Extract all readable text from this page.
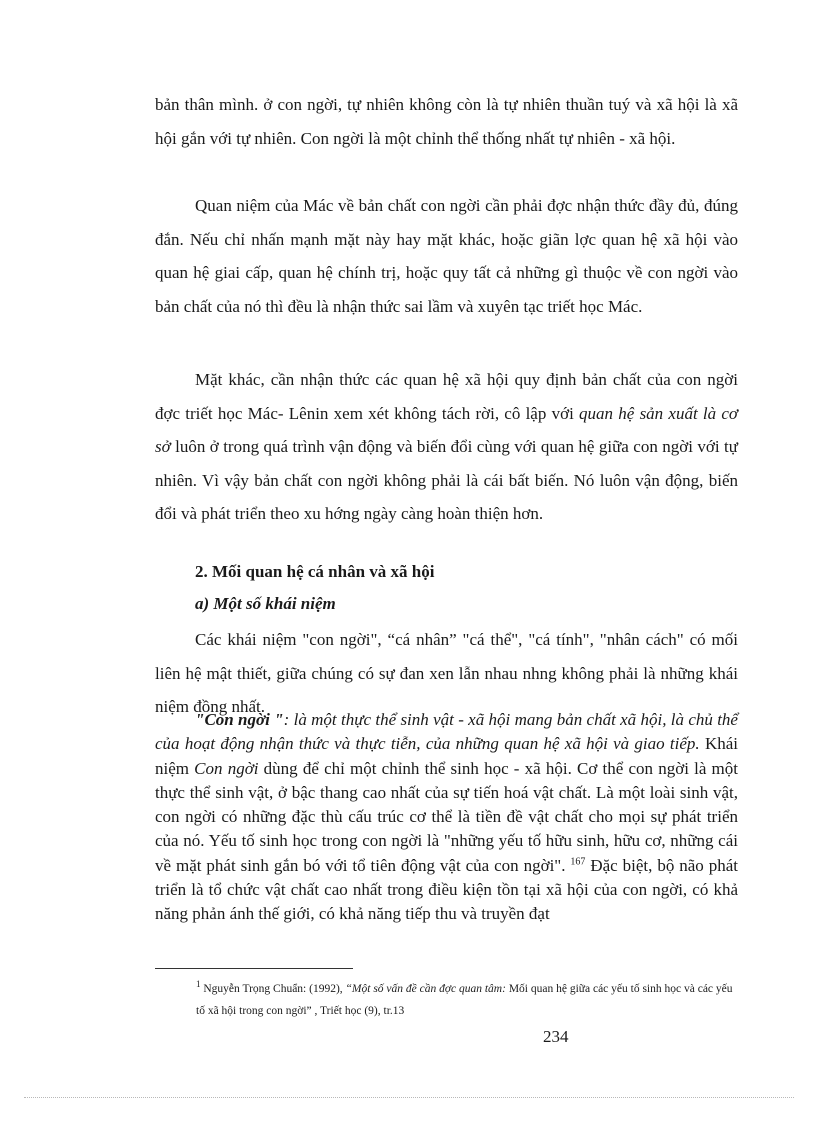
bản thân mình. ở con ngời, tự nhiên không còn là tự nhiên thuần tuý và xã hội là xã hội gắn với tự nhiên. Con ngời là một chỉnh thể thống nhất tự nhiên - xã hội.

Quan niệm của Mác về bản chất con ngời cần phải đợc nhận thức đầy đủ, đúng đắn. Nếu chỉ nhấn mạnh mặt này hay mặt khác, hoặc giãn lợc quan hệ xã hội vào quan hệ giai cấp, quan hệ chính trị, hoặc quy tất cả những gì thuộc về con ngời vào bản chất của nó thì đều là nhận thức sai lầm và xuyên tạc triết học Mác.

Mặt khác, cần nhận thức các quan hệ xã hội quy định bản chất của con ngời đợc triết học Mác- Lênin xem xét không tách rời, cô lập với quan hệ sản xuất là cơ sở luôn ở trong quá trình vận động và biến đổi cùng với quan hệ giữa con ngời với tự nhiên. Vì vậy bản chất con ngời không phải là cái bất biến. Nó luôn vận động, biến đổi và phát triển theo xu hớng ngày càng hoàn thiện hơn.

2. Mối quan hệ cá nhân và xã hội

a) Một số khái niệm

Các khái niệm "con ngời", “cá nhân” "cá thể", "cá tính", "nhân cách" có mối liên hệ mật thiết, giữa chúng có sự đan xen lẫn nhau nhng không phải là những khái niệm đồng nhất.

"Con ngời ": là một thực thể sinh vật - xã hội mang bản chất xã hội, là chủ thể của hoạt động nhận thức và thực tiễn, của những quan hệ xã hội và giao tiếp. Khái niệm Con ngời dùng để chỉ một chỉnh thể sinh học - xã hội. Cơ thể con ngời là một thực thể sinh vật, ở bậc thang cao nhất của sự tiến hoá vật chất. Là một loài sinh vật, con ngời có những đặc thù cấu trúc cơ thể là tiền đề vật chất cho mọi sự phát triển của nó. Yếu tố sinh học trong con ngời là "những yếu tố hữu sinh, hữu cơ, những cái về mặt phát sinh gắn bó với tổ tiên động vật của con ngời". $^{167}$ Đặc biệt, bộ não phát triển là tổ chức vật chất cao nhất trong điều kiện tồn tại xã hội của con ngời, có khả năng phản ánh thế giới, có khả năng tiếp thu và truyền đạt

$^1$ Nguyễn Trọng Chuẩn: (1992), “Một số vấn đề cần đợc quan tâm: Mối quan hệ giữa các yếu tố sinh học và các yếu tố xã hội trong con ngời” , Triết học (9), tr.13

234
